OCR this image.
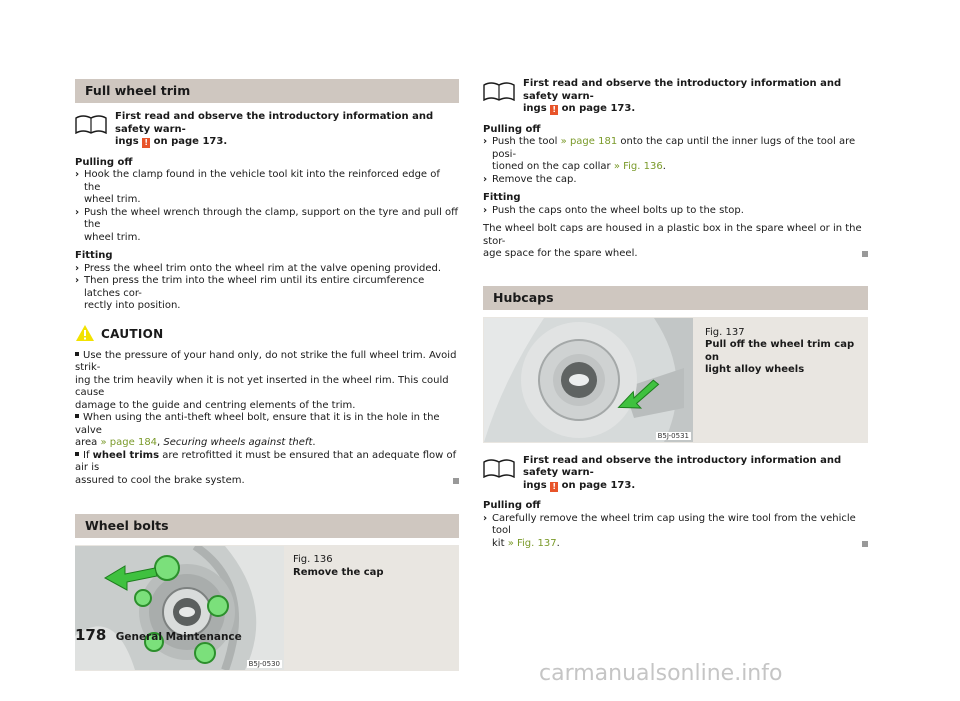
Full wheel trim
First read and observe the introductory information and safety warn-
ings ! on page 173.
Pulling off
› Hook the clamp found in the vehicle tool kit into the reinforced edge of the
wheel trim.
› Push the wheel wrench through the clamp, support on the tyre and pull off the
wheel trim.
Fitting
› Press the wheel trim onto the wheel rim at the valve opening provided.
› Then press the trim into the wheel rim until its entire circumference latches cor-
rectly into position.
CAUTION
Use the pressure of your hand only, do not strike the full wheel trim. Avoid strik-
ing the trim heavily when it is not yet inserted in the wheel rim. This could cause
damage to the guide and centring elements of the trim.
When using the anti-theft wheel bolt, ensure that it is in the hole in the valve
area » page 184, Securing wheels against theft.
If wheel trims are retrofitted it must be ensured that an adequate flow of air is
assured to cool the brake system.
Wheel bolts
B5J-0530
Fig. 136
Remove the cap
First read and observe the introductory information and safety warn-
ings ! on page 173.
Pulling off
› Push the tool » page 181 onto the cap until the inner lugs of the tool are posi-
tioned on the cap collar » Fig. 136.
› Remove the cap.
Fitting
› Push the caps onto the wheel bolts up to the stop.
The wheel bolt caps are housed in a plastic box in the spare wheel or in the stor-
age space for the spare wheel.
Hubcaps
B5J-0531
Fig. 137
Pull off the wheel trim cap on
light alloy wheels
First read and observe the introductory information and safety warn-
ings ! on page 173.
Pulling off
› Carefully remove the wheel trim cap using the wire tool from the vehicle tool
kit » Fig. 137.
178 General Maintenance
carmanualsonline.info
